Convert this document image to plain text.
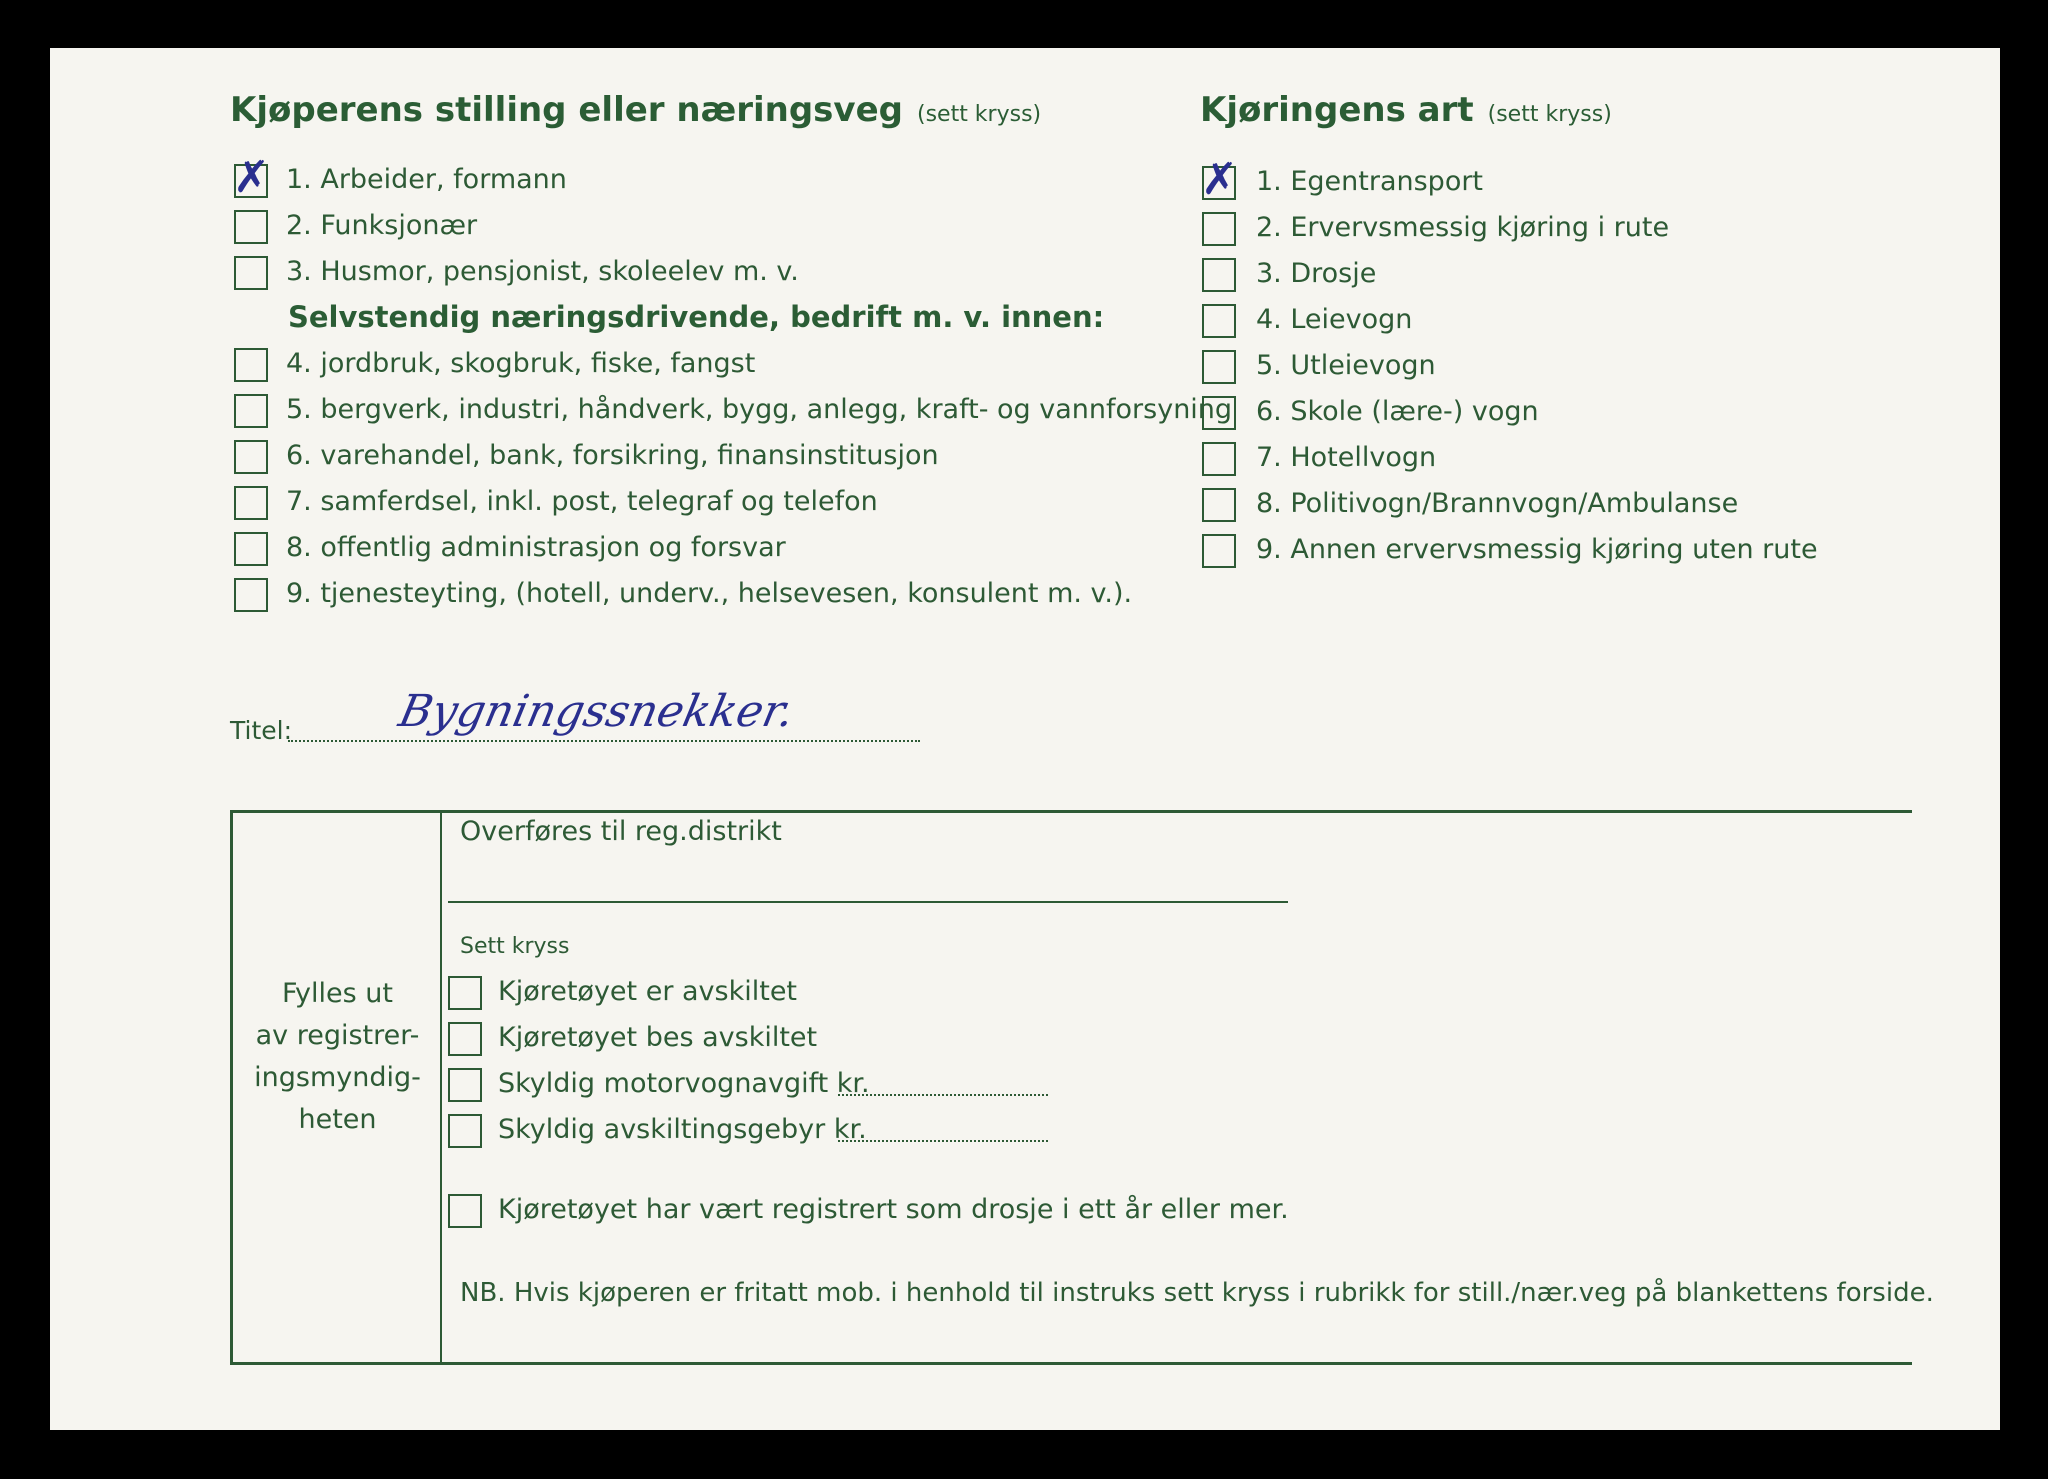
Kjøperens stilling eller næringsveg (sett kryss)
✗ 1. Arbeider, formann
2. Funksjonær
3. Husmor, pensjonist, skoleelev m. v.
Selvstendig næringsdrivende, bedrift m. v. innen:
4. jordbruk, skogbruk, fiske, fangst
5. bergverk, industri, håndverk, bygg, anlegg, kraft- og vannforsyning
6. varehandel, bank, forsikring, finansinstitusjon
7. samferdsel, inkl. post, telegraf og telefon
8. offentlig administrasjon og forsvar
9. tjenesteyting, (hotell, underv., helsevesen, konsulent m. v.).
Kjøringens art (sett kryss)
✗ 1. Egentransport
2. Ervervsmessig kjøring i rute
3. Drosje
4. Leievogn
5. Utleievogn
6. Skole (lære-) vogn
7. Hotellvogn
8. Politivogn/Brannvogn/Ambulanse
9. Annen ervervsmessig kjøring uten rute
Titel: Bygningssnekker.
Fylles ut
av registrer-
ingsmyndig-
heten
Overføres til reg.distrikt
Sett kryss
Kjøretøyet er avskiltet
Kjøretøyet bes avskiltet
Skyldig motorvognavgift kr.
Skyldig avskiltingsgebyr kr.
Kjøretøyet har vært registrert som drosje i ett år eller mer.
NB. Hvis kjøperen er fritatt mob. i henhold til instruks sett kryss i rubrikk for still./nær.veg på blankettens forside.
